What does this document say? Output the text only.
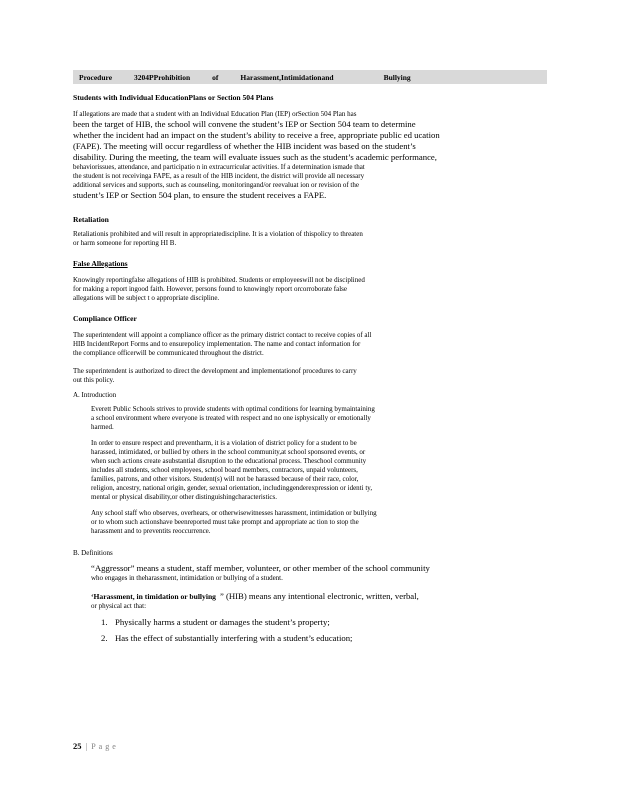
Procedure	3204PProhibition	of	Harassment,Intimidationand	Bullying

Students with Individual EducationPlans or Section 504 Plans

If allegations are made that a student with an Individual Education Plan (IEP) orSection 504 Plan has
been the target of HIB, the school will convene the student’s IEP or Section 504 team to determine
whether the incident had an impact on the student’s ability to receive a free, appropriate public ed ucation
(FAPE). The meeting will occur regardless of whether the HIB incident was based on the student’s
disability. During the meeting, the team will evaluate issues such as the student’s academic performance,
behaviorissues, attendance, and participatio n in extracurricular activities. If a determination ismade that
the student is not receivinga FAPE, as a result of the HIB incident, the district will provide all necessary
additional services and supports, such as counseling, monitoringand/or reevaluat ion or revision of the
student’s IEP or Section 504 plan, to ensure the student receives a FAPE.

Retaliation

Retaliationis prohibited and will result in appropriatediscipline. It is a violation of thispolicy to threaten
or harm someone for reporting HI B.

False Allegations

Knowingly reportingfalse allegations of HIB is prohibited. Students or employeeswill not be disciplined
for making a report ingood faith. However, persons found to knowingly report orcorroborate false
allegations will be subject t o appropriate discipline.

Compliance Officer

The superintendent will appoint a compliance officer as the primary district contact to receive copies of all
HIB IncidentReport Forms and to ensurepolicy implementation. The name and contact information for
the compliance officerwill be communicated throughout the district.
The superintendent is authorized to direct the development and implementationof procedures to carry
out this policy.

A. Introduction

Everett Public Schools strives to provide students with optimal conditions for learning bymaintaining
a school environment where everyone is treated with respect and no one isphysically or emotionally
harmed.
In order to ensure respect and preventharm, it is a violation of district policy for a student to be
harassed, intimidated, or bullied by others in the school community,at school sponsored events, or
when such actions create asubstantial disruption to the educational process. Theschool community
includes all students, school employees, school board members, contractors, unpaid volunteers,
families, patrons, and other visitors. Student(s) will not be harassed because of their race, color,
religion, ancestry, national origin, gender, sexual orientation, includinggenderexpression or identi ty,
mental or physical disability,or other distinguishingcharacteristics.
Any school staff who observes, overhears, or otherwisewitnesses harassment, intimidation or bullying
or to whom such actionshave beenreported must take prompt and appropriate ac tion to stop the
harassment and to preventits reoccurrence.

B. Definitions

“Aggressor” means a student, staff member, volunteer, or other member of the school community
who engages in theharassment, intimidation or bullying of a student.
‘Harassment, in timidation or bullying ” (HIB) means any intentional electronic, written, verbal,
or physical act that:
1. Physically harms a student or damages the student’s property;
2. Has the effect of substantially interfering with a student’s education;
25 | Page
